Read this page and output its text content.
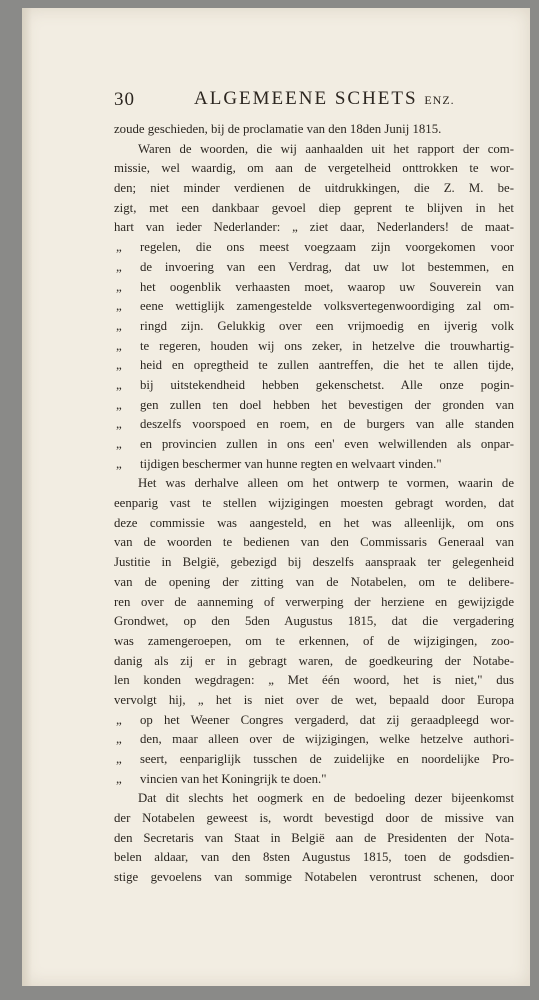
30	ALGEMEENE SCHETS ENZ.
zoude geschieden, bij de proclamatie van den 18den Junij 1815.
Waren de woorden, die wij aanhaalden uit het rapport der com-
missie, wel waardig, om aan de vergetelheid onttrokken te wor-
den; niet minder verdienen de uitdrukkingen, die Z. M. be-
zigt, met een dankbaar gevoel diep geprent te blijven in het
hart van ieder Nederlander: „ ziet daar, Nederlanders! de maat-
„ regelen, die ons meest voegzaam zijn voorgekomen voor
„ de invoering van een Verdrag, dat uw lot bestemmen, en
„ het oogenblik verhaasten moet, waarop uw Souverein van
„ eene wettiglijk zamengestelde volksvertegenwoordiging zal om-
„ ringd zijn. Gelukkig over een vrijmoedig en ijverig volk
„ te regeren, houden wij ons zeker, in hetzelve die trouwhartig-
„ heid en opregtheid te zullen aantreffen, die het te allen tijde,
„ bij uitstekendheid hebben gekenschetst. Alle onze pogin-
„ gen zullen ten doel hebben het bevestigen der gronden van
„ deszelfs voorspoed en roem, en de burgers van alle standen
„ en provincien zullen in ons een' even welwillenden als onpar-
„ tijdigen beschermer van hunne regten en welvaart vinden."
Het was derhalve alleen om het ontwerp te vormen, waarin de
eenparig vast te stellen wijzigingen moesten gebragt worden, dat
deze commissie was aangesteld, en het was alleenlijk, om ons
van de woorden te bedienen van den Commissaris Generaal van
Justitie in België, gebezigd bij deszelfs aanspraak ter gelegenheid
van de opening der zitting van de Notabelen, om te delibere-
ren over de aanneming of verwerping der herziene en gewijzigde
Grondwet, op den 5den Augustus 1815, dat die vergadering
was zamengeroepen, om te erkennen, of de wijzigingen, zoo-
danig als zij er in gebragt waren, de goedkeuring der Notabe-
len konden wegdragen: „ Met één woord, het is niet," dus
vervolgt hij, „ het is niet over de wet, bepaald door Europa
„ op het Weener Congres vergaderd, dat zij geraadpleegd wor-
„ den, maar alleen over de wijzigingen, welke hetzelve authori-
„ seert, eenpariglijk tusschen de zuidelijke en noordelijke Pro-
„ vincien van het Koningrijk te doen."
Dat dit slechts het oogmerk en de bedoeling dezer bijeenkomst
der Notabelen geweest is, wordt bevestigd door de missive van
den Secretaris van Staat in België aan de Presidenten der Nota-
belen aldaar, van den 8sten Augustus 1815, toen de godsdien-
stige gevoelens van sommige Notabelen verontrust schenen, door
